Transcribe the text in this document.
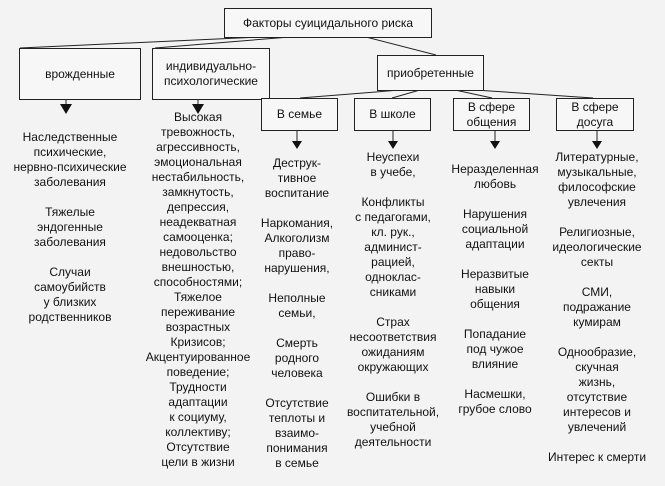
Факторы суицидального риска
врожденные
индивидуально-
психологические
приобретенные
В семье	В школе
В сфере
общения
В сфере
досуга
Наследственные
психические,
нервно-психические
заболевания
Тяжелые
эндогенные
заболевания
Случаи
самоубийств
у близких
родственников
Высокая
тревожность,
агрессивность,
эмоциональная
нестабильность,
замкнутость,
депрессия,
неадекватная
самооценка;
недовольство
внешностью,
способностями;
Тяжелое
переживание
возрастных
Кризисов;
Акцентуированное
поведение;
Трудности
адаптации
к социуму,
коллективу;
Отсутствие
цели в жизни
Деструк-
тивное
воспитание
Наркомания,
Алкоголизм
право-
нарушения,
Неполные
семьи,
Смерть
родного
человека
Отсутствие
теплоты и
взаимо-
понимания
в семье
Неуспехи
в учебе,
Конфликты
с педагогами,
кл. рук.,
админист-
рацией,
одноклас-
сниками
Страх
несоответствия
ожиданиям
окружающих
Ошибки в
воспитательной,
учебной
деятельности
Неразделенная
любовь
Нарушения
социальной
адаптации
Неразвитые
навыки
общения
Попадание
под чужое
влияние
Насмешки,
грубое слово
Литературные,
музыкальные,
философские
увлечения
Религиозные,
идеологические
секты
СМИ,
подражание
кумирам
Однообразие,
скучная
жизнь,
отсутствие
интересов и
увлечений
Интерес к смерти
